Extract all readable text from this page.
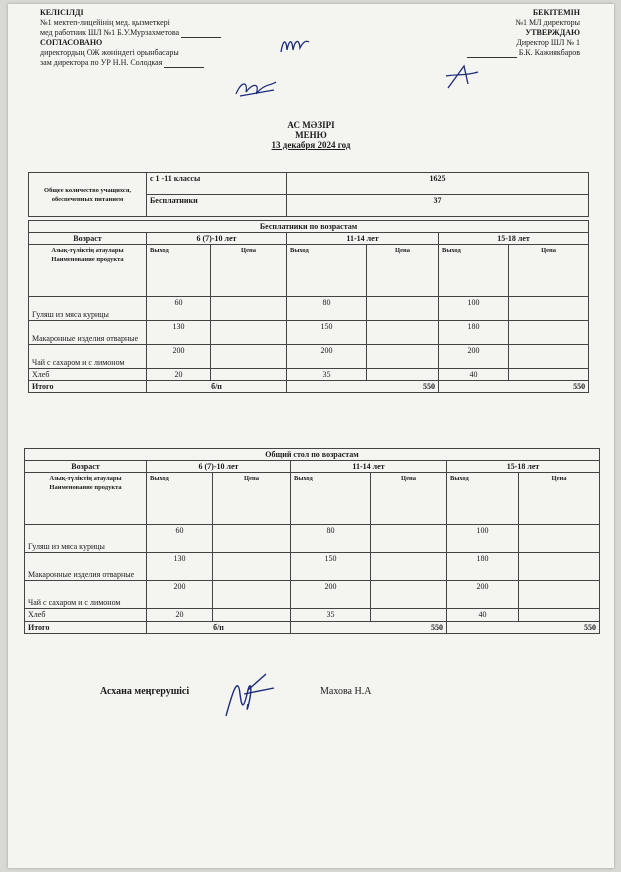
КЕЛІСІЛДІ
№1 мектеп-лицейінің мед. қызметкері
мед работник ШЛ №1 Б.У.Мурзахметова
СОГЛАСОВАНО
директордың ОЖ жөніндегі орынбасары
зам директора по УР Н.Н. Солодкая
БЕКІТЕМІН
№1 МЛ директоры
УТВЕРЖДАЮ
Директор ШЛ № 1
Б.К. Кажиякбаров
АС МӘЗІРІ
МЕНЮ
13 декабря 2024 год
Общее количество учащихся, обеспеченных питанием	с 1 -11 классы	1625
	Бесплатники	37
Бесплатники по возрастам						
Возраст	6 (7)-10 лет		11-14 лет		15-18 лет	
Азық-түліктің атаулары Наименование продукта	Выход	Цена	Выход	Цена	Выход	Цена
Гуляш из мяса курицы	60		80		100	
Макаронные изделия отварные	130		150		180	
Чай с сахаром и с лимоном	200		200		200	
Хлеб	20		35		40	
Итого	б/п		550		550	
Общий стол по возрастам						
Возраст	6 (7)-10 лет		11-14 лет		15-18 лет	
Азық-түліктің атаулары Наименование продукта	Выход	Цена	Выход	Цена	Выход	Цена
Гуляш из мяса курицы	60		80		100	
Макаронные изделия отварные	130		150		180	
Чай с сахаром и с лимоном	200		200		200	
Хлеб	20		35		40	
Итого	б/п		550		550	
Асхана меңгерушісі	Махова Н.А
